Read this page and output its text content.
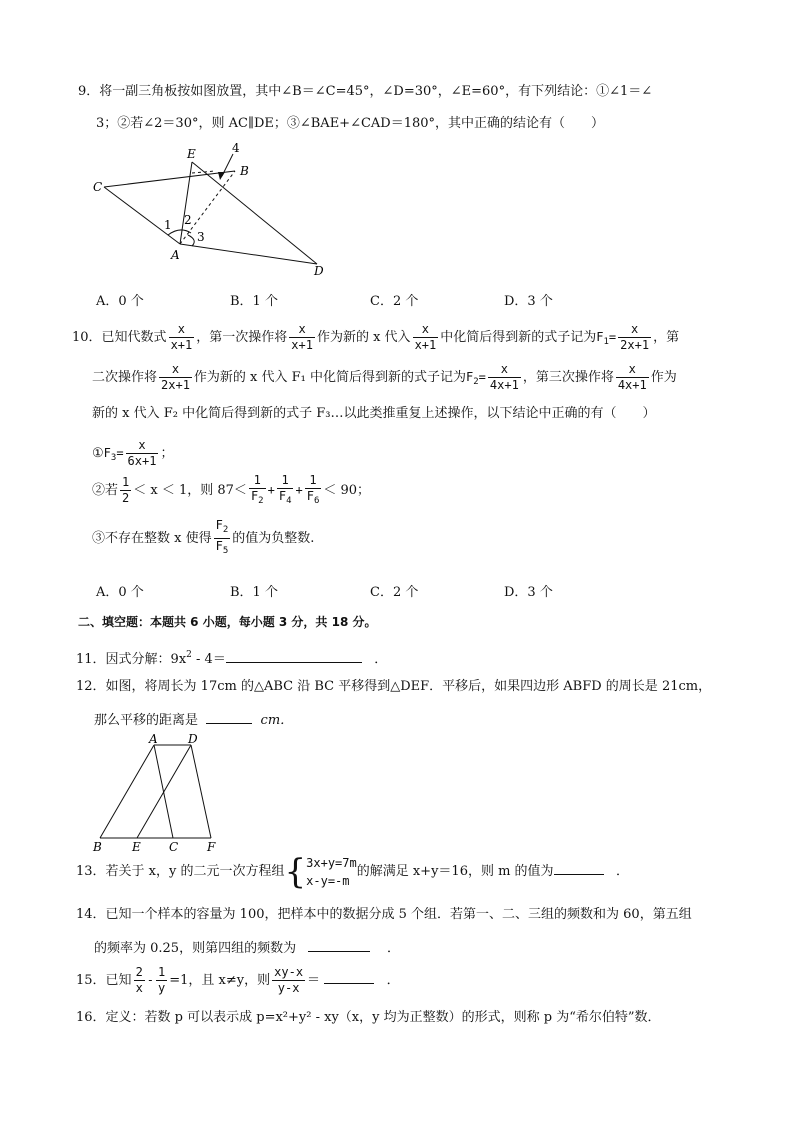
9．将一副三角板按如图放置，其中∠B＝∠C=45°，∠D=30°，∠E=60°，有下列结论：①∠1＝∠
3；②若∠2＝30°，则 AC∥DE；③∠BAE+∠CAD＝180°，其中正确的结论有（　　）
C
E
B
A
D
1 2
3
4
A．0 个	B．1 个	C．2 个	D．3 个
10．已知代数式 $\frac{x}{x+1}$ ，第一次操作将 $\frac{x}{x+1}$ 作为新的 x 代入 $\frac{x}{x+1}$ 中化简后得到新的式子记为$F_1= \frac{x}{2x+1}$ ，第
二次操作将 $\frac{x}{2x+1}$ 作为新的 x 代入 F₁ 中化简后得到新的式子记为$F_2= \frac{x}{4x+1}$ ，第三次操作将 $\frac{x}{4x+1}$ 作为
新的 x 代入 F₂ 中化简后得到新的式子 F₃…以此类推重复上述操作，以下结论中正确的有（　　）
$①F_3= \frac{x}{6x+1}$ ；
②若 $\frac{1}{2} < x < 1$，则 $87< \frac{1}{F_2} + \frac{1}{F_4} + \frac{1}{F_6} < 90$；
③不存在整数 x 使得 $\frac{F_2}{F_5}$ 的值为负整数.
A．0 个	B．1 个	C．2 个	D．3 个
二、填空题：本题共 6 小题，每小题 3 分，共 18 分。
11．因式分解：$9x^2 - 4=$	．
12．如图，将周长为 17cm 的△ABC 沿 BC 平移得到△DEF．平移后，如果四边形 ABFD 的周长是 21cm，
那么平移的距离是	cm．
A	D
B	E C F
13．若关于 x，y 的二元一次方程组{ 3x+y=7m
x-y=-m
的解满足 x+y＝16，则 m 的值为	．
14．已知一个样本的容量为 100，把样本中的数据分成 5 个组．若第一、二、三组的频数和为 60，第五组
的频率为 0.25，则第四组的频数为	．
15．已知 $\frac{2}{x} - \frac{1}{y} =1$，且 x≠y，则 $\frac{xy-x}{y-x}$ ＝	．
16．定义：若数 p 可以表示成 p=x²+y² - xy（x，y 均为正整数）的形式，则称 p 为“希尔伯特”数．
